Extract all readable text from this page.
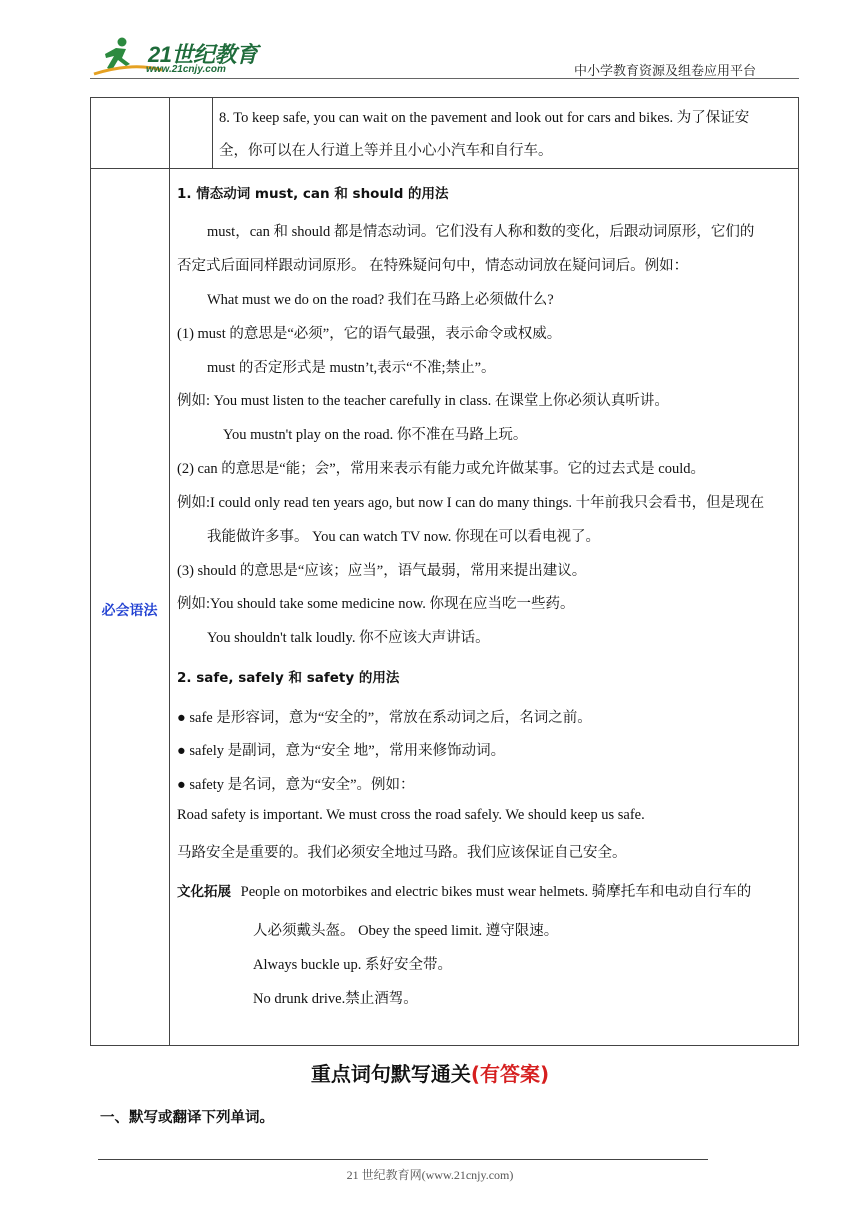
21世纪教育
www.21cnjy.com	中小学教育资源及组卷应用平台

8. To keep safe, you can wait on the pavement and look out for cars and bikes. 为了保证安
全，你可以在人行道上等并且小心小汽车和自行车。

必会语法
1. 情态动词 must, can 和 should 的用法
must，can 和 should 都是情态动词。它们没有人称和数的变化，后跟动词原形，它们的
否定式后面同样跟动词原形。 在特殊疑问句中，情态动词放在疑问词后。例如：
What must we do on the road? 我们在马路上必须做什么?
(1) must 的意思是“必须”，它的语气最强，表示命令或权威。
must 的否定形式是 mustn’t,表示“不准;禁止”。
例如: You must listen to the teacher carefully in class. 在课堂上你必须认真听讲。
You mustn't play on the road. 你不准在马路上玩。
(2) can 的意思是“能；会”，常用来表示有能力或允许做某事。它的过去式是 could。
例如:I could only read ten years ago, but now I can do many things. 十年前我只会看书，但是现在
我能做许多事。 You can watch TV now. 你现在可以看电视了。
(3) should 的意思是“应该；应当”，语气最弱，常用来提出建议。
例如:You should take some medicine now. 你现在应当吃一些药。
You shouldn't talk loudly. 你不应该大声讲话。
2. safe, safely 和 safety 的用法
● safe 是形容词，意为“安全的”，常放在系动词之后，名词之前。
● safely 是副词，意为“安全 地”，常用来修饰动词。
● safety 是名词，意为“安全”。例如：
Road safety is important. We must cross the road safely. We should keep us safe.
马路安全是重要的。我们必须安全地过马路。我们应该保证自己安全。
文化拓展 People on motorbikes and electric bikes must wear helmets. 骑摩托车和电动自行车的
人必须戴头盔。 Obey the speed limit. 遵守限速。
Always buckle up. 系好安全带。
No drunk drive.禁止酒驾。
重点词句默写通关(有答案)
一、默写或翻译下列单词。
21 世纪教育网(www.21cnjy.com)
